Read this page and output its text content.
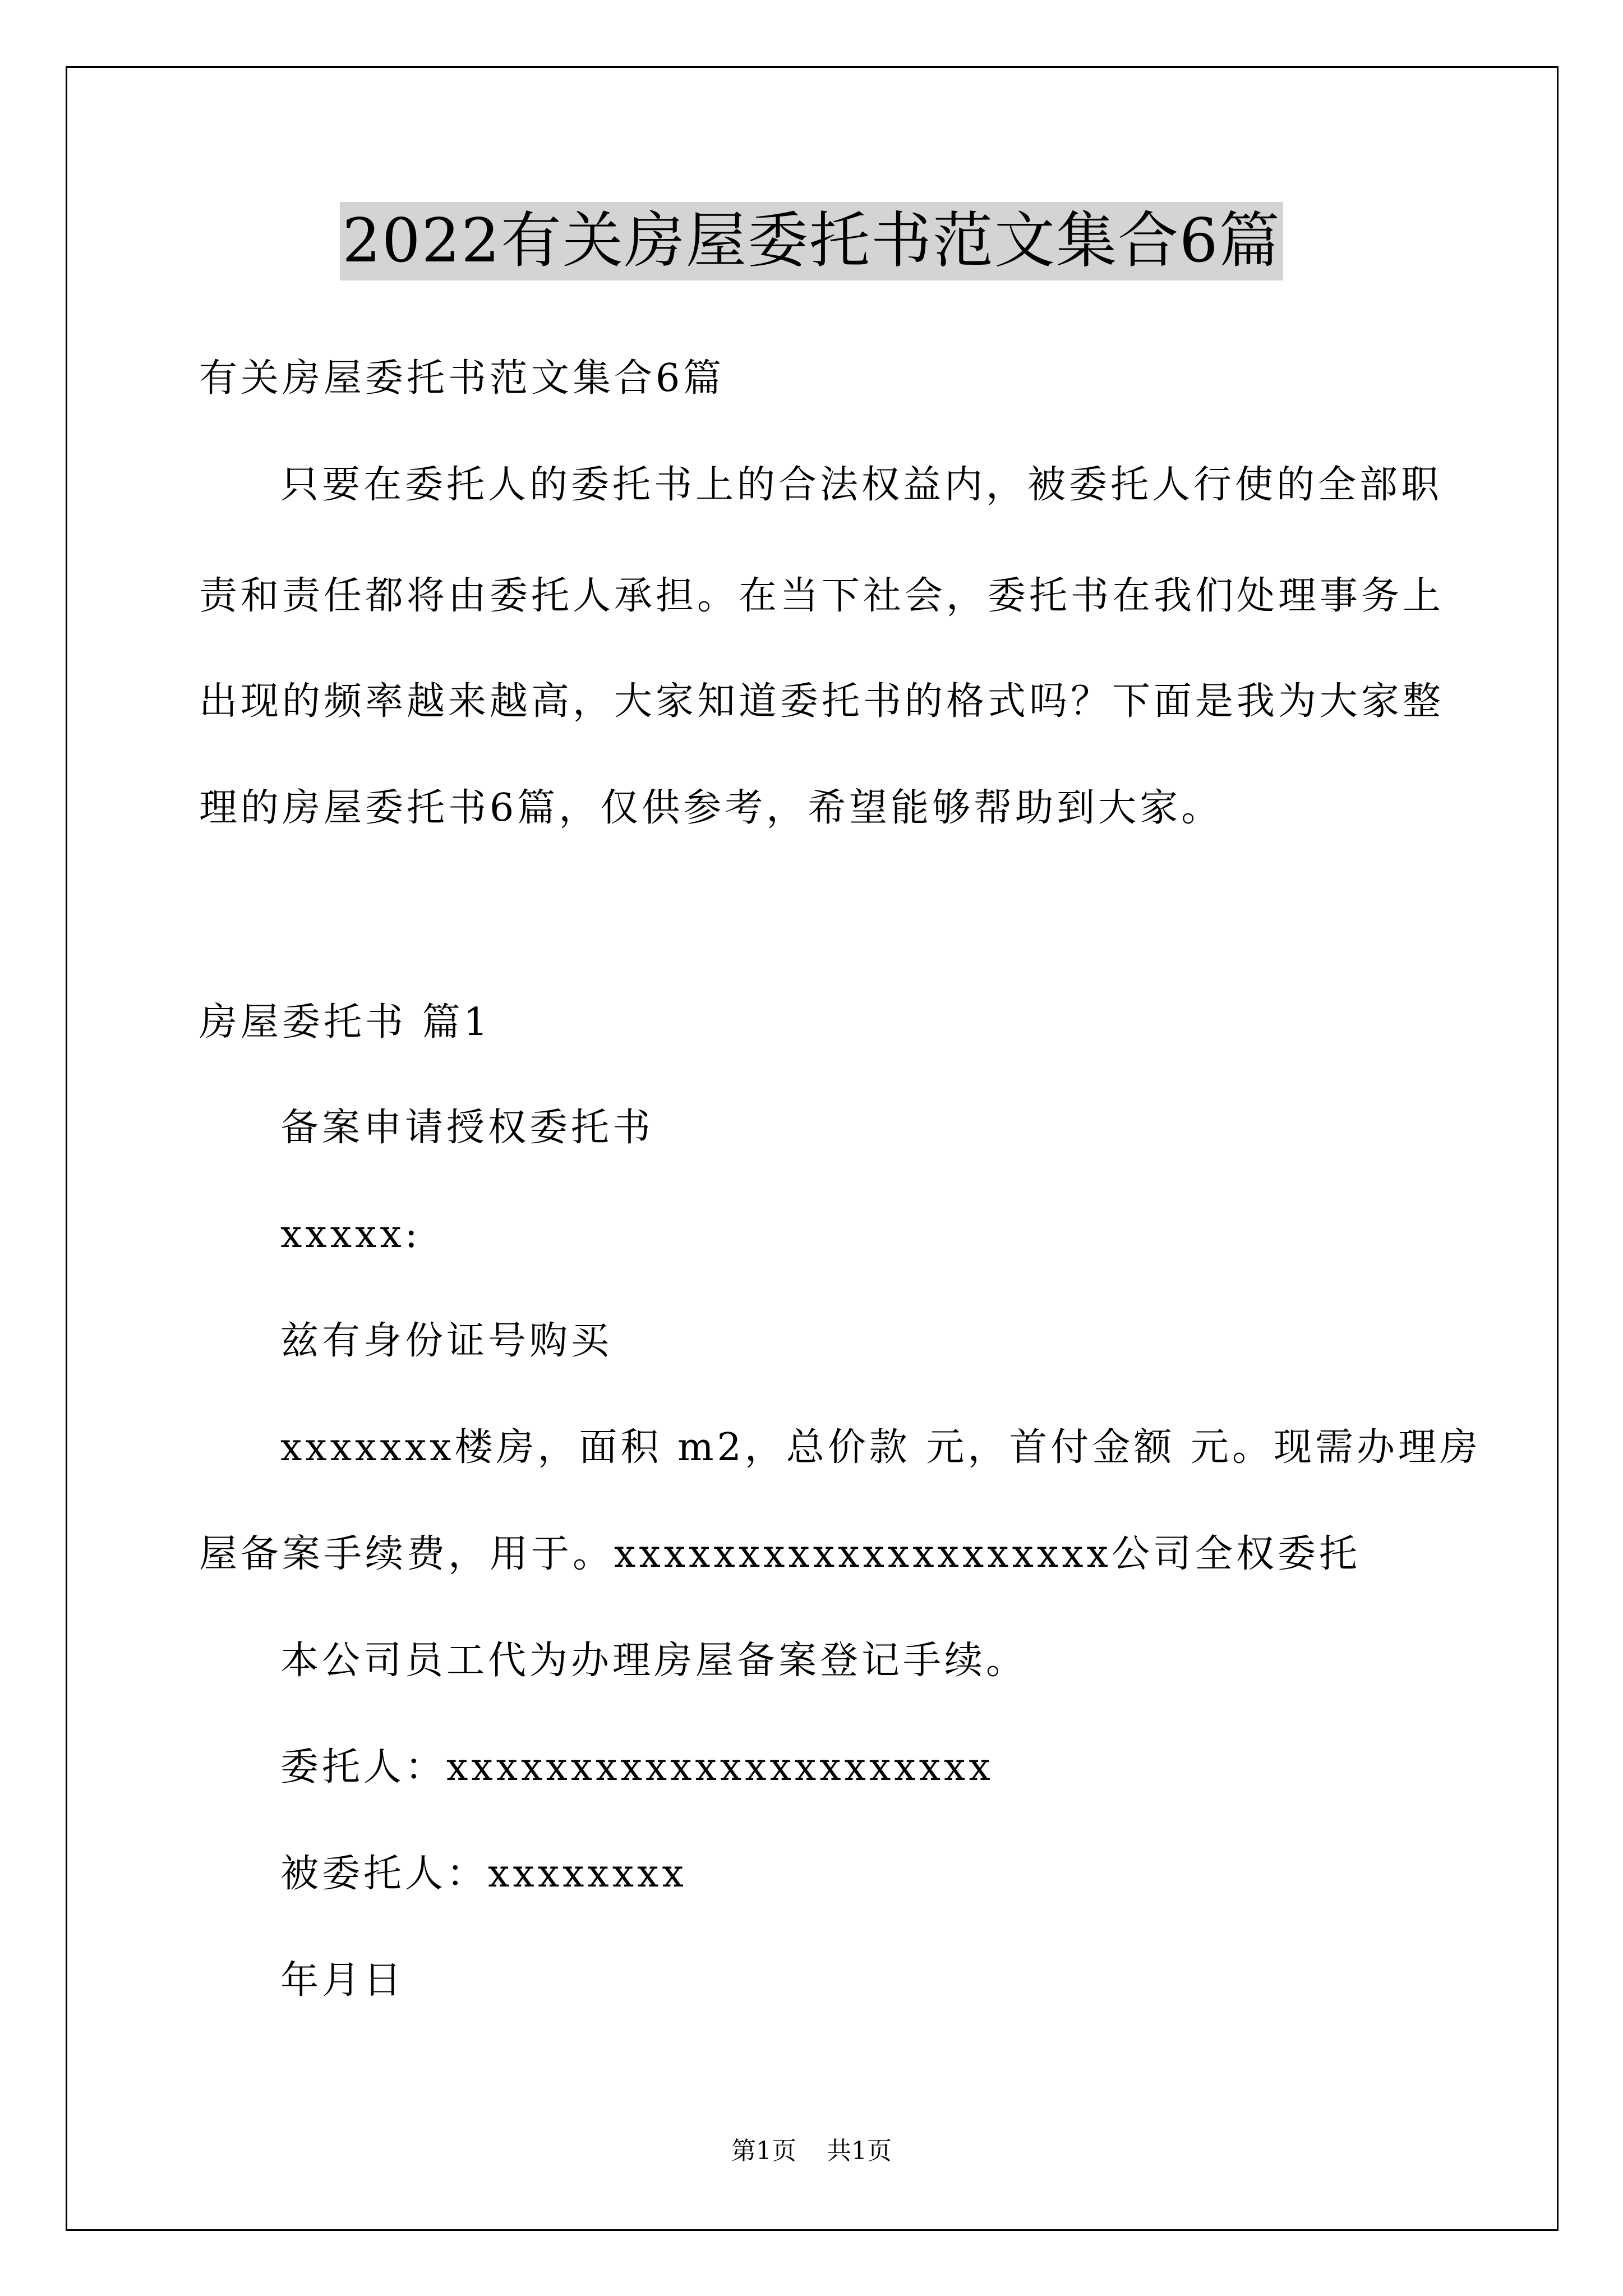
2022有关房屋委托书范文集合6篇
有关房屋委托书范文集合6篇
只要在委托人的委托书上的合法权益内，被委托人行使的全部职
责和责任都将由委托人承担。在当下社会，委托书在我们处理事务上
出现的频率越来越高，大家知道委托书的格式吗？下面是我为大家整
理的房屋委托书6篇，仅供参考，希望能够帮助到大家。
房屋委托书 篇1
备案申请授权委托书
xxxxx:
兹有身份证号购买
xxxxxxx楼房，面积 m2，总价款 元，首付金额 元。现需办理房
屋备案手续费，用于。xxxxxxxxxxxxxxxxxxxx公司全权委托
本公司员工代为办理房屋备案登记手续。
委托人：xxxxxxxxxxxxxxxxxxxxxx
被委托人：xxxxxxxx
年月日
第1页 共1页
